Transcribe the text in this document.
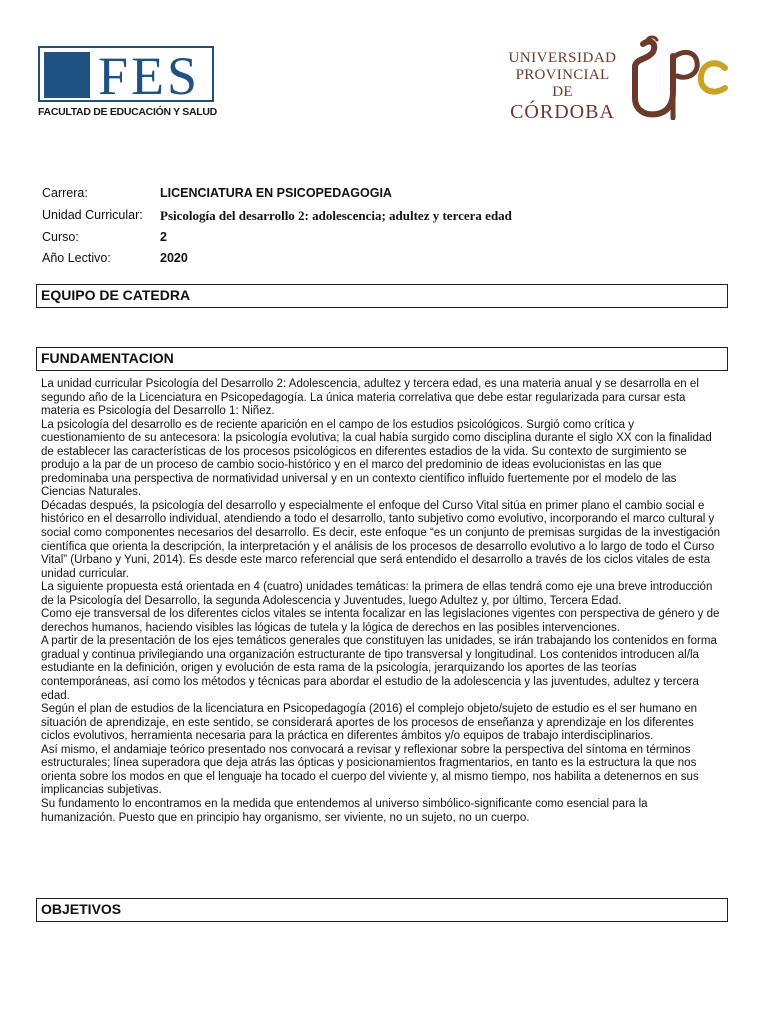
FES
FACULTAD DE EDUCACIÓN Y SALUD
UNIVERSIDAD
PROVINCIAL DE
CÓRDOBA
Carrera:	LICENCIATURA EN PSICOPEDAGOGIA
Unidad Curricular: Psicología del desarrollo 2: adolescencia; adultez y tercera edad
Curso:	2
Año Lectivo:	2020
EQUIPO DE CATEDRA
FUNDAMENTACION

La unidad curricular Psicología del Desarrollo 2: Adolescencia, adultez y tercera edad, es una materia anual y se desarrolla en el segundo año de la Licenciatura en Psicopedagogía. La única materia correlativa que debe estar regularizada para cursar esta materia es Psicología del Desarrollo 1: Niñez.

La psicología del desarrollo es de reciente aparición en el campo de los estudios psicológicos. Surgió como crítica y cuestionamiento de su antecesora: la psicología evolutiva; la cual había surgido como disciplina durante el siglo XX con la finalidad de establecer las características de los procesos psicológicos en diferentes estadios de la vida. Su contexto de surgimiento se produjo a la par de un proceso de cambio socio-histórico y en el marco del predominio de ideas evolucionistas en las que predominaba una perspectiva de normatividad universal y en un contexto científico influido fuertemente por el modelo de las Ciencias Naturales.

Décadas después, la psicología del desarrollo y especialmente el enfoque del Curso Vital sitúa en primer plano el cambio social e histórico en el desarrollo individual, atendiendo a todo el desarrollo, tanto subjetivo como evolutivo, incorporando el marco cultural y social como componentes necesarios del desarrollo. Es decir, este enfoque “es un conjunto de premisas surgidas de la investigación científica que orienta la descripción, la interpretación y el análisis de los procesos de desarrollo evolutivo a lo largo de todo el Curso Vital” (Urbano y Yuni, 2014). Es desde este marco referencial que será entendido el desarrollo a través de los ciclos vitales de esta unidad curricular.

La siguiente propuesta está orientada en 4 (cuatro) unidades temáticas: la primera de ellas tendrá como eje una breve introducción de la Psicología del Desarrollo, la segunda Adolescencia y Juventudes, luego Adultez y, por último, Tercera Edad.

Como eje transversal de los diferentes ciclos vitales se intenta focalizar en las legislaciones vigentes con perspectiva de género y de derechos humanos, haciendo visibles las lógicas de tutela y la lógica de derechos en las posibles intervenciones.

A partir de la presentación de los ejes temáticos generales que constituyen las unidades, se irán trabajando los contenidos en forma gradual y continua privilegiando una organización estructurante de tipo transversal y longitudinal. Los contenidos introducen al/la estudiante en la definición, origen y evolución de esta rama de la psicología, jerarquizando los aportes de las teorías contemporáneas, así como los métodos y técnicas para abordar el estudio de la adolescencia y las juventudes, adultez y tercera edad.

Según el plan de estudios de la licenciatura en Psicopedagogía (2016) el complejo objeto/sujeto de estudio es el ser humano en situación de aprendizaje, en este sentido, se considerará aportes de los procesos de enseñanza y aprendizaje en los diferentes ciclos evolutivos, herramienta necesaria para la práctica en diferentes ámbitos y/o equipos de trabajo interdisciplinarios.

Así mismo, el andamiaje teórico presentado nos convocará a revisar y reflexionar sobre la perspectiva del síntoma en términos estructurales; línea superadora que deja atrás las ópticas y posicionamientos fragmentarios, en tanto es la estructura la que nos orienta sobre los modos en que el lenguaje ha tocado el cuerpo del viviente y, al mismo tiempo, nos habilita a detenernos en sus implicancias subjetivas.

Su fundamento lo encontramos en la medida que entendemos al universo simbólico-significante como esencial para la humanización. Puesto que en principio hay organismo, ser viviente, no un sujeto, no un cuerpo.

OBJETIVOS
